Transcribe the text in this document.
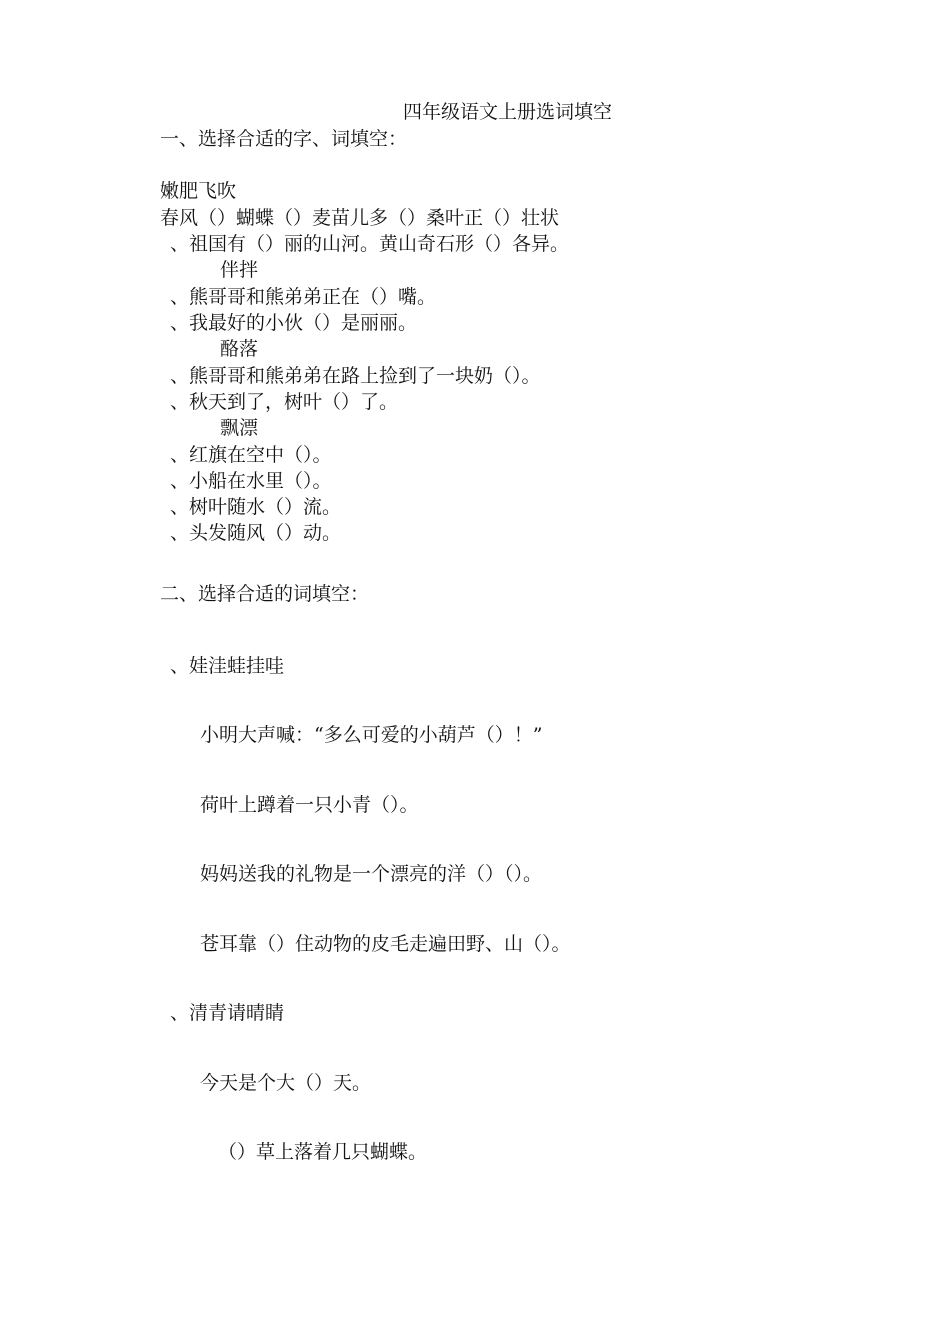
四年级语文上册选词填空
一、选择合适的字、词填空：
嫩肥飞吹
春风（）蝴蝶（）麦苗儿多（）桑叶正（）壮状
、祖国有（）丽的山河。黄山奇石形（）各异。
伴拌
、熊哥哥和熊弟弟正在（）嘴。
、我最好的小伙（）是丽丽。
酪落
、熊哥哥和熊弟弟在路上捡到了一块奶（）。
、秋天到了，树叶（）了。
飘漂
、红旗在空中（）。
、小船在水里（）。
、树叶随水（）流。
、头发随风（）动。
二、选择合适的词填空：
、娃洼蛙挂哇
小明大声喊：“多么可爱的小葫芦（）！”
荷叶上蹲着一只小青（）。
妈妈送我的礼物是一个漂亮的洋（）（）。
苍耳靠（）住动物的皮毛走遍田野、山（）。
、清青请晴睛
今天是个大（）天。
（）草上落着几只蝴蝶。
